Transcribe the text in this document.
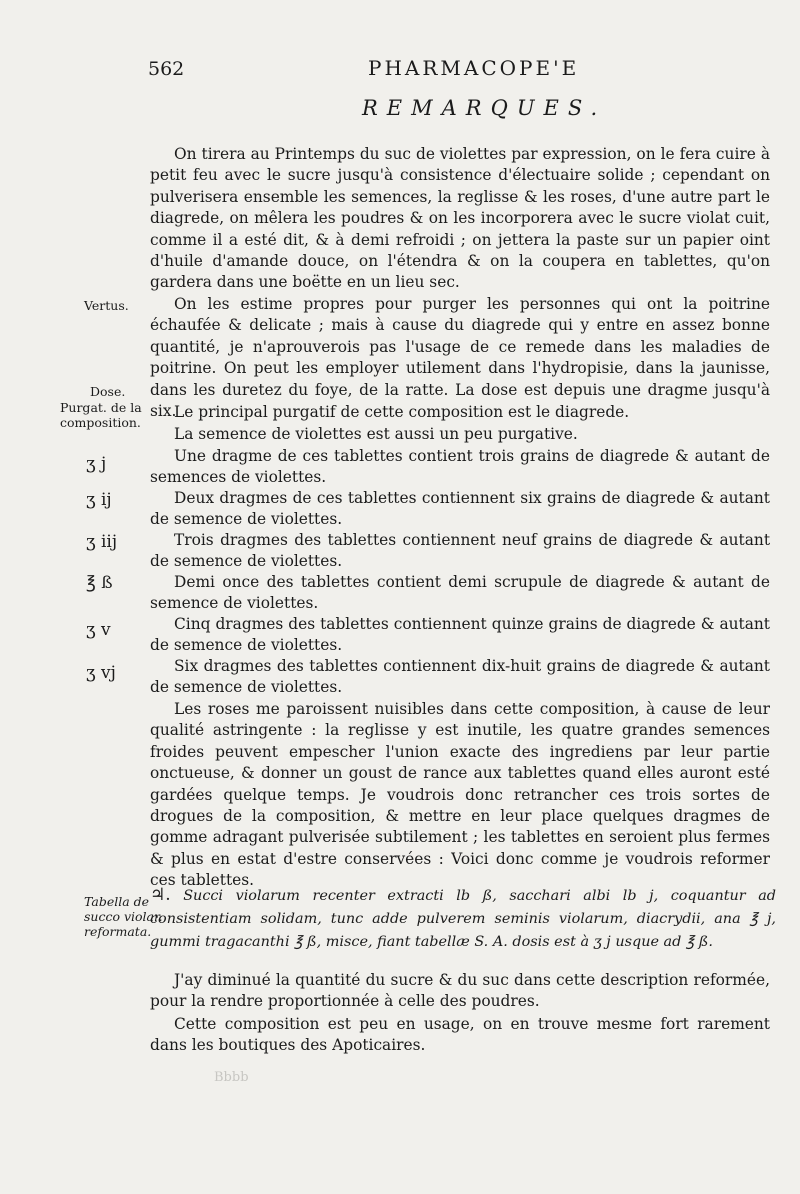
562	PHARMACOPE'E
REMARQUES.
On tirera au Printemps du suc de violettes par expression, on le fera cuire à petit feu avec le sucre jusqu'à consistence d'électuaire solide ; cependant on pulverisera ensemble les semences, la reglisse & les roses, d'une autre part le diagrede, on mêlera les poudres & on les incorporera avec le sucre violat cuit, comme il a esté dit, & à demi refroidi ; on jettera la paste sur un papier oint d'huile d'amande douce, on l'étendra & on la coupera en tablettes, qu'on gardera dans une boëtte en un lieu sec.
On les estime propres pour purger les personnes qui ont la poitrine échaufée & delicate ; mais à cause du diagrede qui y entre en assez bonne quantité, je n'aprouverois pas l'usage de ce remede dans les maladies de poitrine. On peut les employer utilement dans l'hydropisie, dans la jaunisse, dans les duretez du foye, de la ratte. La dose est depuis une dragme jusqu'à six.
Le principal purgatif de cette composition est le diagrede.
La semence de violettes est aussi un peu purgative.
Une dragme de ces tablettes contient trois grains de diagrede & autant de semences de violettes.
Deux dragmes de ces tablettes contiennent six grains de diagrede & autant de semence de violettes.
Trois dragmes des tablettes contiennent neuf grains de diagrede & autant de semence de violettes.
Demi once des tablettes contient demi scrupule de diagrede & autant de semence de violettes.
Cinq dragmes des tablettes contiennent quinze grains de diagrede & autant de semence de violettes.
Six dragmes des tablettes contiennent dix-huit grains de diagrede & autant de semence de violettes.
Les roses me paroissent nuisibles dans cette composition, à cause de leur qualité astringente : la reglisse y est inutile, les quatre grandes semences froides peuvent empescher l'union exacte des ingrediens par leur partie onctueuse, & donner un goust de rance aux tablettes quand elles auront esté gardées quelque temps. Je voudrois donc retrancher ces trois sortes de drogues de la composition, & mettre en leur place quelques dragmes de gomme adragant pulverisée subtilement ; les tablettes en seroient plus fermes & plus en estat d'estre conservées : Voici donc comme je voudrois reformer ces tablettes.
Vertus.
Dose.
Purgat. de la
composition.
ʒ j
ʒ ij
ʒ iij
℥ ß
ʒ v
ʒ vj
Tabella de
succo violar.
reformata.
♃. Succi violarum recenter extracti lb ß, sacchari albi lb j, coquantur ad consistentiam solidam, tunc adde pulverem seminis violarum, diacrydii, ana ℥ j, gummi tragacanthi ℥ ß, misce, fiant tabellæ S. A. dosis est à ʒ j usque ad ℥ ß.
J'ay diminué la quantité du sucre & du suc dans cette description reformée, pour la rendre proportionnée à celle des poudres.
Cette composition est peu en usage, on en trouve mesme fort rarement dans les boutiques des Apoticaires.
Bbbb
